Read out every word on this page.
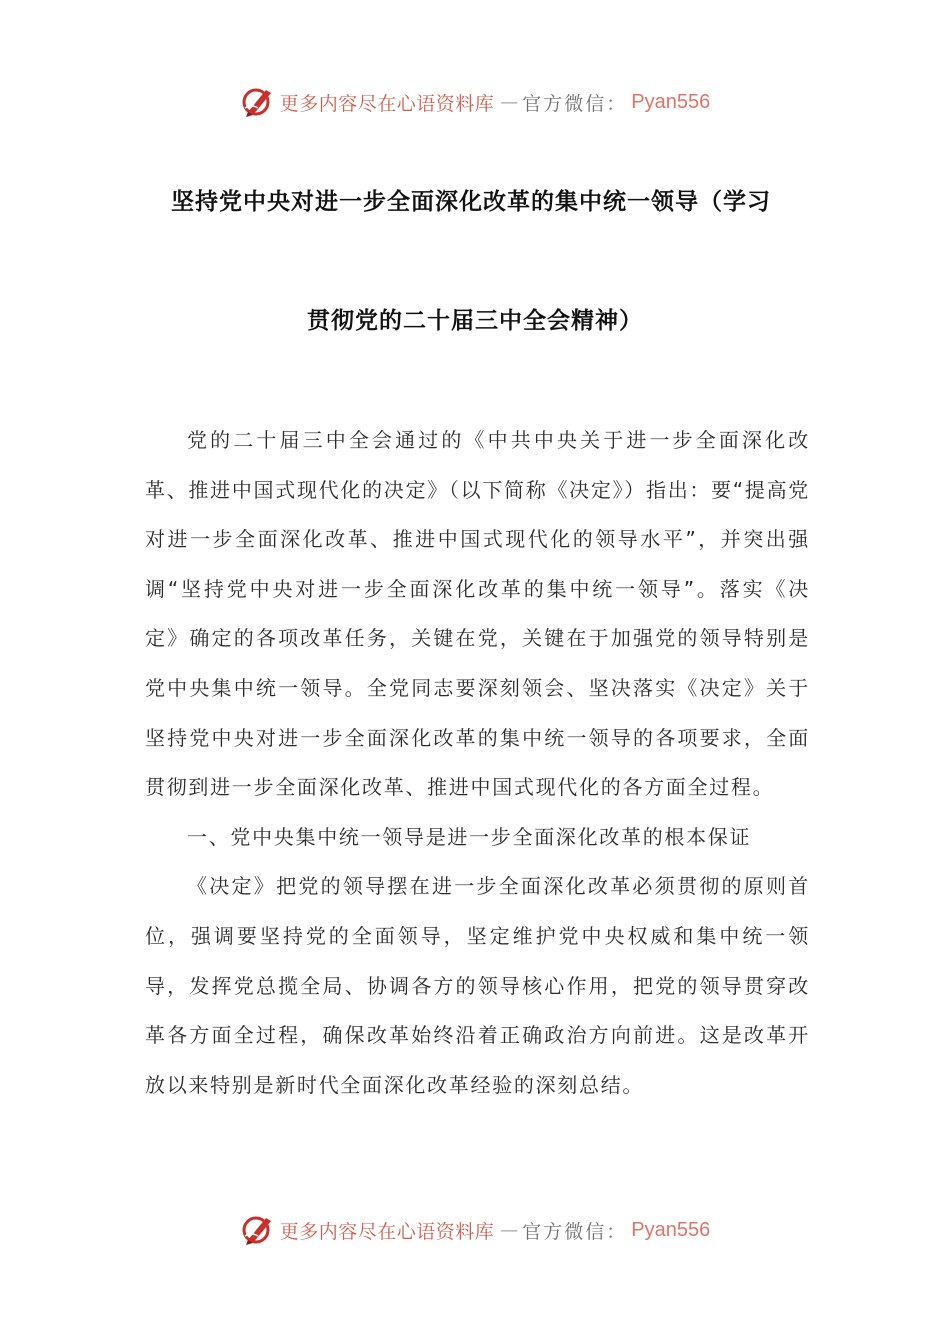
更多内容尽在心语资料库 — 官方微信： Pyan556
坚持党中央对进一步全面深化改革的集中统一领导（学习
贯彻党的二十届三中全会精神）

党的二十届三中全会通过的《中共中央关于进一步全面深化改革、推进中国式现代化的决定》（以下简称《决定》）指出：要“提高党对进一步全面深化改革、推进中国式现代化的领导水平”，并突出强调“坚持党中央对进一步全面深化改革的集中统一领导”。落实《决定》确定的各项改革任务，关键在党，关键在于加强党的领导特别是党中央集中统一领导。全党同志要深刻领会、坚决落实《决定》关于坚持党中央对进一步全面深化改革的集中统一领导的各项要求，全面贯彻到进一步全面深化改革、推进中国式现代化的各方面全过程。

一、党中央集中统一领导是进一步全面深化改革的根本保证

《决定》把党的领导摆在进一步全面深化改革必须贯彻的原则首位，强调要坚持党的全面领导，坚定维护党中央权威和集中统一领导，发挥党总揽全局、协调各方的领导核心作用，把党的领导贯穿改革各方面全过程，确保改革始终沿着正确政治方向前进。这是改革开放以来特别是新时代全面深化改革经验的深刻总结。

更多内容尽在心语资料库 — 官方微信： Pyan556
